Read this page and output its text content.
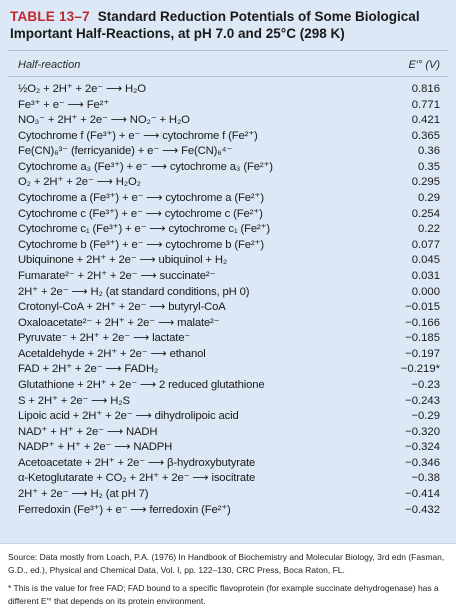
TABLE 13–7 Standard Reduction Potentials of Some Biological Important Half-Reactions, at pH 7.0 and 25°C (298 K)
Half-reaction	E′° (V)
½O₂ + 2H⁺ + 2e⁻ ⟶ H₂O	0.816
Fe³⁺ + e⁻ ⟶ Fe²⁺	0.771
NO₃⁻ + 2H⁺ + 2e⁻ ⟶ NO₂⁻ + H₂O	0.421
Cytochrome f (Fe³⁺) + e⁻ ⟶ cytochrome f (Fe²⁺)	0.365
Fe(CN)₆³⁻ (ferricyanide) + e⁻ ⟶ Fe(CN)₆⁴⁻	0.36
Cytochrome a₃ (Fe³⁺) + e⁻ ⟶ cytochrome a₃ (Fe²⁺)	0.35
O₂ + 2H⁺ + 2e⁻ ⟶ H₂O₂	0.295
Cytochrome a (Fe³⁺) + e⁻ ⟶ cytochrome a (Fe²⁺)	0.29
Cytochrome c (Fe³⁺) + e⁻ ⟶ cytochrome c (Fe²⁺)	0.254
Cytochrome c₁ (Fe³⁺) + e⁻ ⟶ cytochrome c₁ (Fe²⁺)	0.22
Cytochrome b (Fe³⁺) + e⁻ ⟶ cytochrome b (Fe²⁺)	0.077
Ubiquinone + 2H⁺ + 2e⁻ ⟶ ubiquinol + H₂	0.045
Fumarate²⁻ + 2H⁺ + 2e⁻ ⟶ succinate²⁻	0.031
2H⁺ + 2e⁻ ⟶ H₂ (at standard conditions, pH 0)	0.000
Crotonyl-CoA + 2H⁺ + 2e⁻ ⟶ butyryl-CoA	−0.015
Oxaloacetate²⁻ + 2H⁺ + 2e⁻ ⟶ malate²⁻	−0.166
Pyruvate⁻ + 2H⁺ + 2e⁻ ⟶ lactate⁻	−0.185
Acetaldehyde + 2H⁺ + 2e⁻ ⟶ ethanol	−0.197
FAD + 2H⁺ + 2e⁻ ⟶ FADH₂	−0.219*
Glutathione + 2H⁺ + 2e⁻ ⟶ 2 reduced glutathione	−0.23
S + 2H⁺ + 2e⁻ ⟶ H₂S	−0.243
Lipoic acid + 2H⁺ + 2e⁻ ⟶ dihydrolipoic acid	−0.29
NAD⁺ + H⁺ + 2e⁻ ⟶ NADH	−0.320
NADP⁺ + H⁺ + 2e⁻ ⟶ NADPH	−0.324
Acetoacetate + 2H⁺ + 2e⁻ ⟶ β-hydroxybutyrate	−0.346
α-Ketoglutarate + CO₂ + 2H⁺ + 2e⁻ ⟶ isocitrate	−0.38
2H⁺ + 2e⁻ ⟶ H₂ (at pH 7)	−0.414
Ferredoxin (Fe³⁺) + e⁻ ⟶ ferredoxin (Fe²⁺)	−0.432
Source: Data mostly from Loach, P.A. (1976) In Handbook of Biochemistry and Molecular Biology, 3rd edn (Fasman, G.D., ed.), Physical and Chemical Data, Vol. I, pp. 122–130, CRC Press, Boca Raton, FL.
* This is the value for free FAD; FAD bound to a specific flavoprotein (for example succinate dehydrogenase) has a different E′° that depends on its protein environment.
